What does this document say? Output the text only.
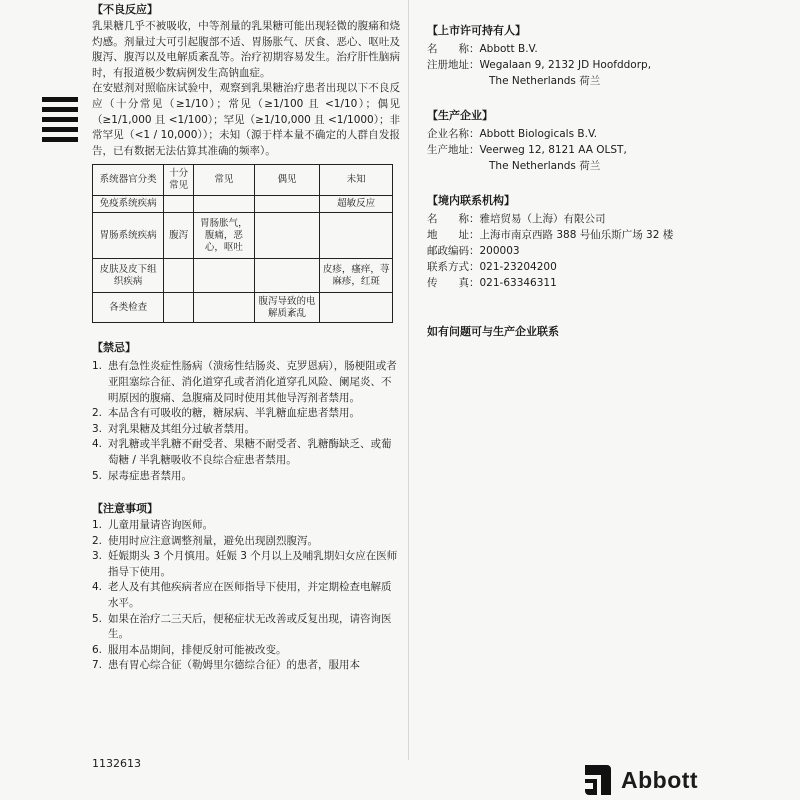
【不良反应】
乳果糖几乎不被吸收，中等剂量的乳果糖可能出现轻微的腹痛和烧灼感。剂量过大可引起腹部不适、胃肠胀气、厌食、恶心、呕吐及腹泻、腹泻以及电解质紊乱等。治疗初期容易发生。治疗肝性脑病时，有报道极少数病例发生高钠血症。
在安慰剂对照临床试验中，观察到乳果糖治疗患者出现以下不良反应（十分常见（≥1/10）；常见（≥1/100 且 <1/10）；偶见（≥1/1,000 且 <1/100）；罕见（≥1/10,000 且 <1/1000）；非常罕见（<1 / 10,000））；未知（源于样本量不确定的人群自发报告，已有数据无法估算其准确的频率）。
系统器官分类	十分常见	常见	偶见	未知
免疫系统疾病				超敏反应
胃肠系统疾病	腹泻	胃肠胀气，腹痛，恶心，呕吐		
皮肤及皮下组织疾病				皮疹，瘙痒，荨麻疹，红斑
各类检查			腹泻导致的电解质紊乱	
【禁忌】
1. 患有急性炎症性肠病（溃疡性结肠炎、克罗恩病），肠梗阻或者亚阻塞综合征、消化道穿孔或者消化道穿孔风险、阑尾炎、不明原因的腹痛、急腹痛及同时使用其他导泻剂者禁用。
2. 本品含有可吸收的糖，糖尿病、半乳糖血症患者禁用。
3. 对乳果糖及其组分过敏者禁用。
4. 对乳糖或半乳糖不耐受者、果糖不耐受者、乳糖酶缺乏、或葡萄糖 / 半乳糖吸收不良综合症患者禁用。
5. 尿毒症患者禁用。
【注意事项】
1. 儿童用量请咨询医师。
2. 使用时应注意调整剂量，避免出现剧烈腹泻。
3. 妊娠期头 3 个月慎用。妊娠 3 个月以上及哺乳期妇女应在医师指导下使用。
4. 老人及有其他疾病者应在医师指导下使用，并定期检查电解质水平。
5. 如果在治疗二三天后，便秘症状无改善或反复出现，请咨询医生。
6. 服用本品期间，排便反射可能被改变。
7. 患有胃心综合征（勒姆里尔德综合征）的患者，服用本
【上市许可持有人】
名　　称：Abbott B.V.
注册地址：Wegalaan 9, 2132 JD Hoofddorp,
The Netherlands 荷兰
【生产企业】
企业名称：Abbott Biologicals B.V.
生产地址：Veerweg 12, 8121 AA OLST,
The Netherlands 荷兰
【境内联系机构】
名　　称：雅培贸易（上海）有限公司
地　　址：上海市南京西路 388 号仙乐斯广场 32 楼
邮政编码：200003
联系方式：021-23204200
传　　真：021-63346311
如有问题可与生产企业联系
1132613
Abbott
